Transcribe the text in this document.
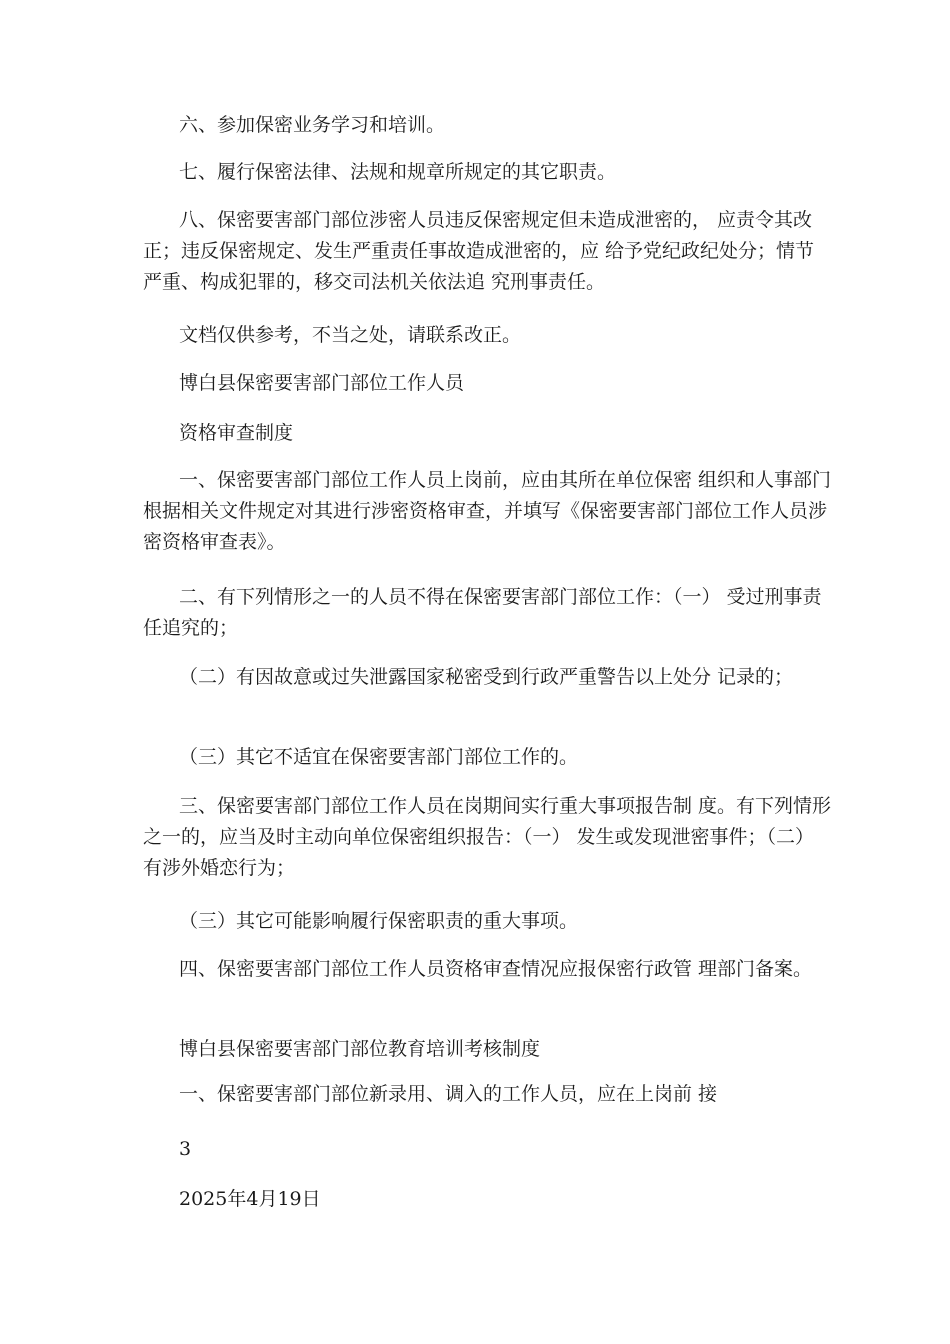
六、参加保密业务学习和培训。

七、履行保密法律、法规和规章所规定的其它职责。

八、保密要害部门部位涉密人员违反保密规定但未造成泄密的， 应责令其改正；违反保密规定、发生严重责任事故造成泄密的，应 给予党纪政纪处分；情节严重、构成犯罪的，移交司法机关依法追 究刑事责任。

文档仅供参考，不当之处，请联系改正。

博白县保密要害部门部位工作人员

资格审查制度

一、保密要害部门部位工作人员上岗前，应由其所在单位保密 组织和人事部门根据相关文件规定对其进行涉密资格审查，并填写《保密要害部门部位工作人员涉密资格审查表》。

二、有下列情形之一的人员不得在保密要害部门部位工作：（一） 受过刑事责任追究的；

（二）有因故意或过失泄露国家秘密受到行政严重警告以上处分 记录的；

（三）其它不适宜在保密要害部门部位工作的。

三、保密要害部门部位工作人员在岗期间实行重大事项报告制 度。有下列情形之一的，应当及时主动向单位保密组织报告：（一） 发生或发现泄密事件；（二）有涉外婚恋行为；

（三）其它可能影响履行保密职责的重大事项。

四、保密要害部门部位工作人员资格审查情况应报保密行政管 理部门备案。

博白县保密要害部门部位教育培训考核制度

一、保密要害部门部位新录用、调入的工作人员，应在上岗前 接

3

2025年4月19日
